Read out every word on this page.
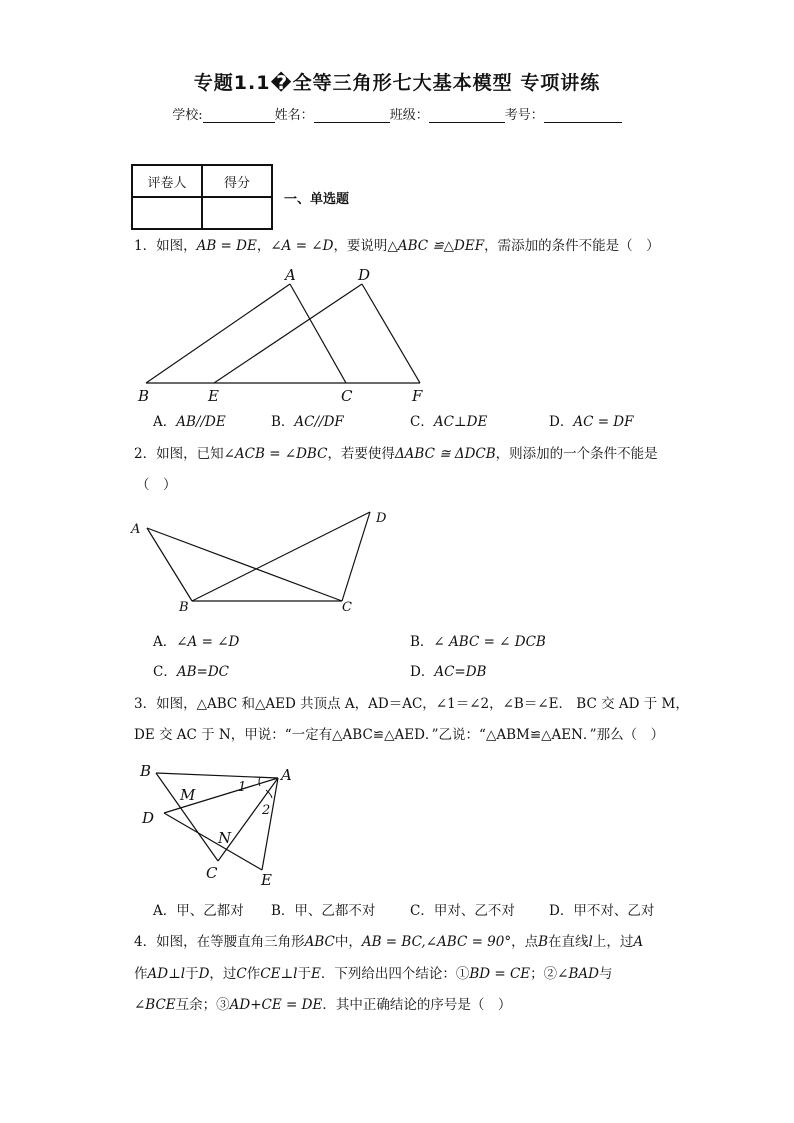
专题1.1�全等三角形七大基本模型 专项讲练
学校:	姓名：	班级：	考号：
评卷人	得分

一、单选题
1．如图，AB = DE，∠A = ∠D，要说明△ABC ≌△DEF，需添加的条件不能是（　）
A	D
B	E	C	F
A．AB//DE	B．AC//DF	C．AC⊥DE	D．AC = DF
2．如图，已知∠ACB = ∠DBC，若要使得ΔABC ≅ ΔDCB，则添加的一个条件不能是
（　）
A
B	C
D
A．∠A = ∠D	B．∠ ABC = ∠ DCB
C．AB=DC	D．AC=DB
3．如图，△ABC 和△AED 共顶点 A，AD＝AC，∠1＝∠2，∠B＝∠E． BC 交 AD 于 M，
DE 交 AC 于 N，甲说：“一定有△ABC≌△AED．”乙说：“△ABM≌△AEN．”那么（　）
B	A
M	1
2
D
N
C	E
A．甲、乙都对 B．甲、乙都不对	C．甲对、乙不对	D．甲不对、乙对
4．如图，在等腰直角三角形ABC中，AB = BC,∠ABC = 90°，点B在直线l上，过A
作AD⊥l于D，过C作CE⊥l于E．下列给出四个结论：①BD = CE；②∠BAD与
∠BCE互余；③AD+CE = DE．其中正确结论的序号是（　）
